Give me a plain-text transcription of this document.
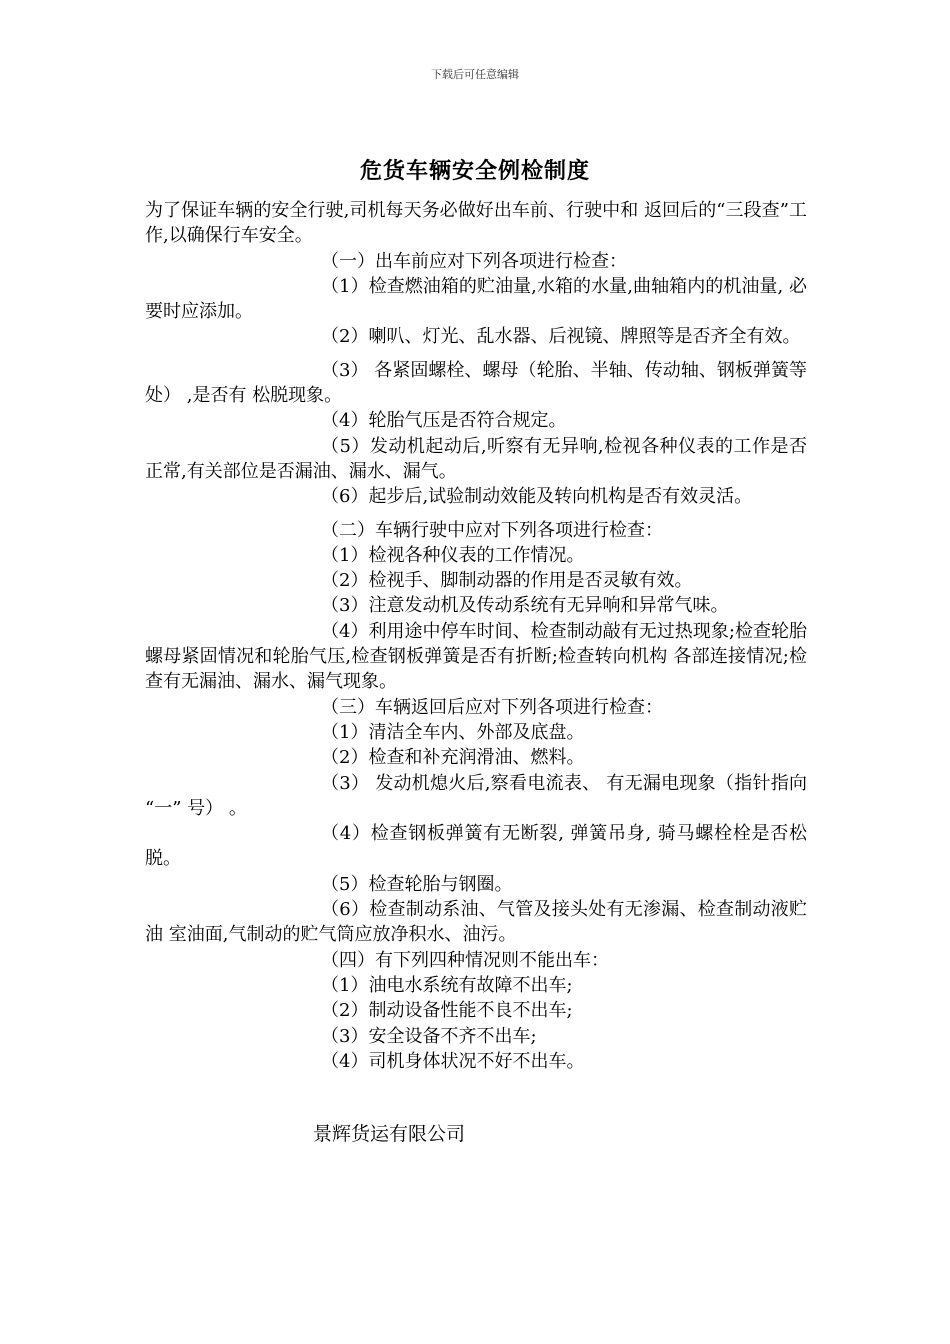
下载后可任意编辑
危货车辆安全例检制度

为了保证车辆的安全行驶,司机每天务必做好出车前、行驶中和 返回后的“三段查”工作,以确保行车安全。

（一）出车前应对下列各项进行检查：

（1）检查燃油箱的贮油量,水箱的水量,曲轴箱内的机油量, 必要时应添加。

（2）喇叭、灯光、乱水器、后视镜、牌照等是否齐全有效。

（3） 各紧固螺栓、螺母（轮胎、半轴、传动轴、钢板弹簧等处） ,是否有 松脱现象。

（4）轮胎气压是否符合规定。

（5）发动机起动后,听察有无异响,检视各种仪表的工作是否 正常,有关部位是否漏油、漏水、漏气。

（6）起步后,试验制动效能及转向机构是否有效灵活。

（二）车辆行驶中应对下列各项进行检查：

（1）检视各种仪表的工作情况。

（2）检视手、脚制动器的作用是否灵敏有效。

（3）注意发动机及传动系统有无异响和异常气味。

（4）利用途中停车时间、检查制动敲有无过热现象;检查轮胎 螺母紧固情况和轮胎气压,检查钢板弹簧是否有折断;检查转向机构 各部连接情况;检查有无漏油、漏水、漏气现象。

（三）车辆返回后应对下列各项进行检查：

（1）清洁全车内、外部及底盘。

（2）检查和补充润滑油、燃料。

（3） 发动机熄火后,察看电流表、 有无漏电现象（指针指向 “一” 号） 。

（4）检查钢板弹簧有无断裂, 弹簧吊身, 骑马螺栓栓是否松脱。

（5）检查轮胎与钢圈。

（6）检查制动系油、气管及接头处有无渗漏、检查制动液贮油 室油面,气制动的贮气筒应放净积水、油污。

（四）有下列四种情况则不能出车：

（1）油电水系统有故障不出车;

（2）制动设备性能不良不出车;

（3）安全设备不齐不出车;

（4）司机身体状况不好不出车。

景辉货运有限公司
